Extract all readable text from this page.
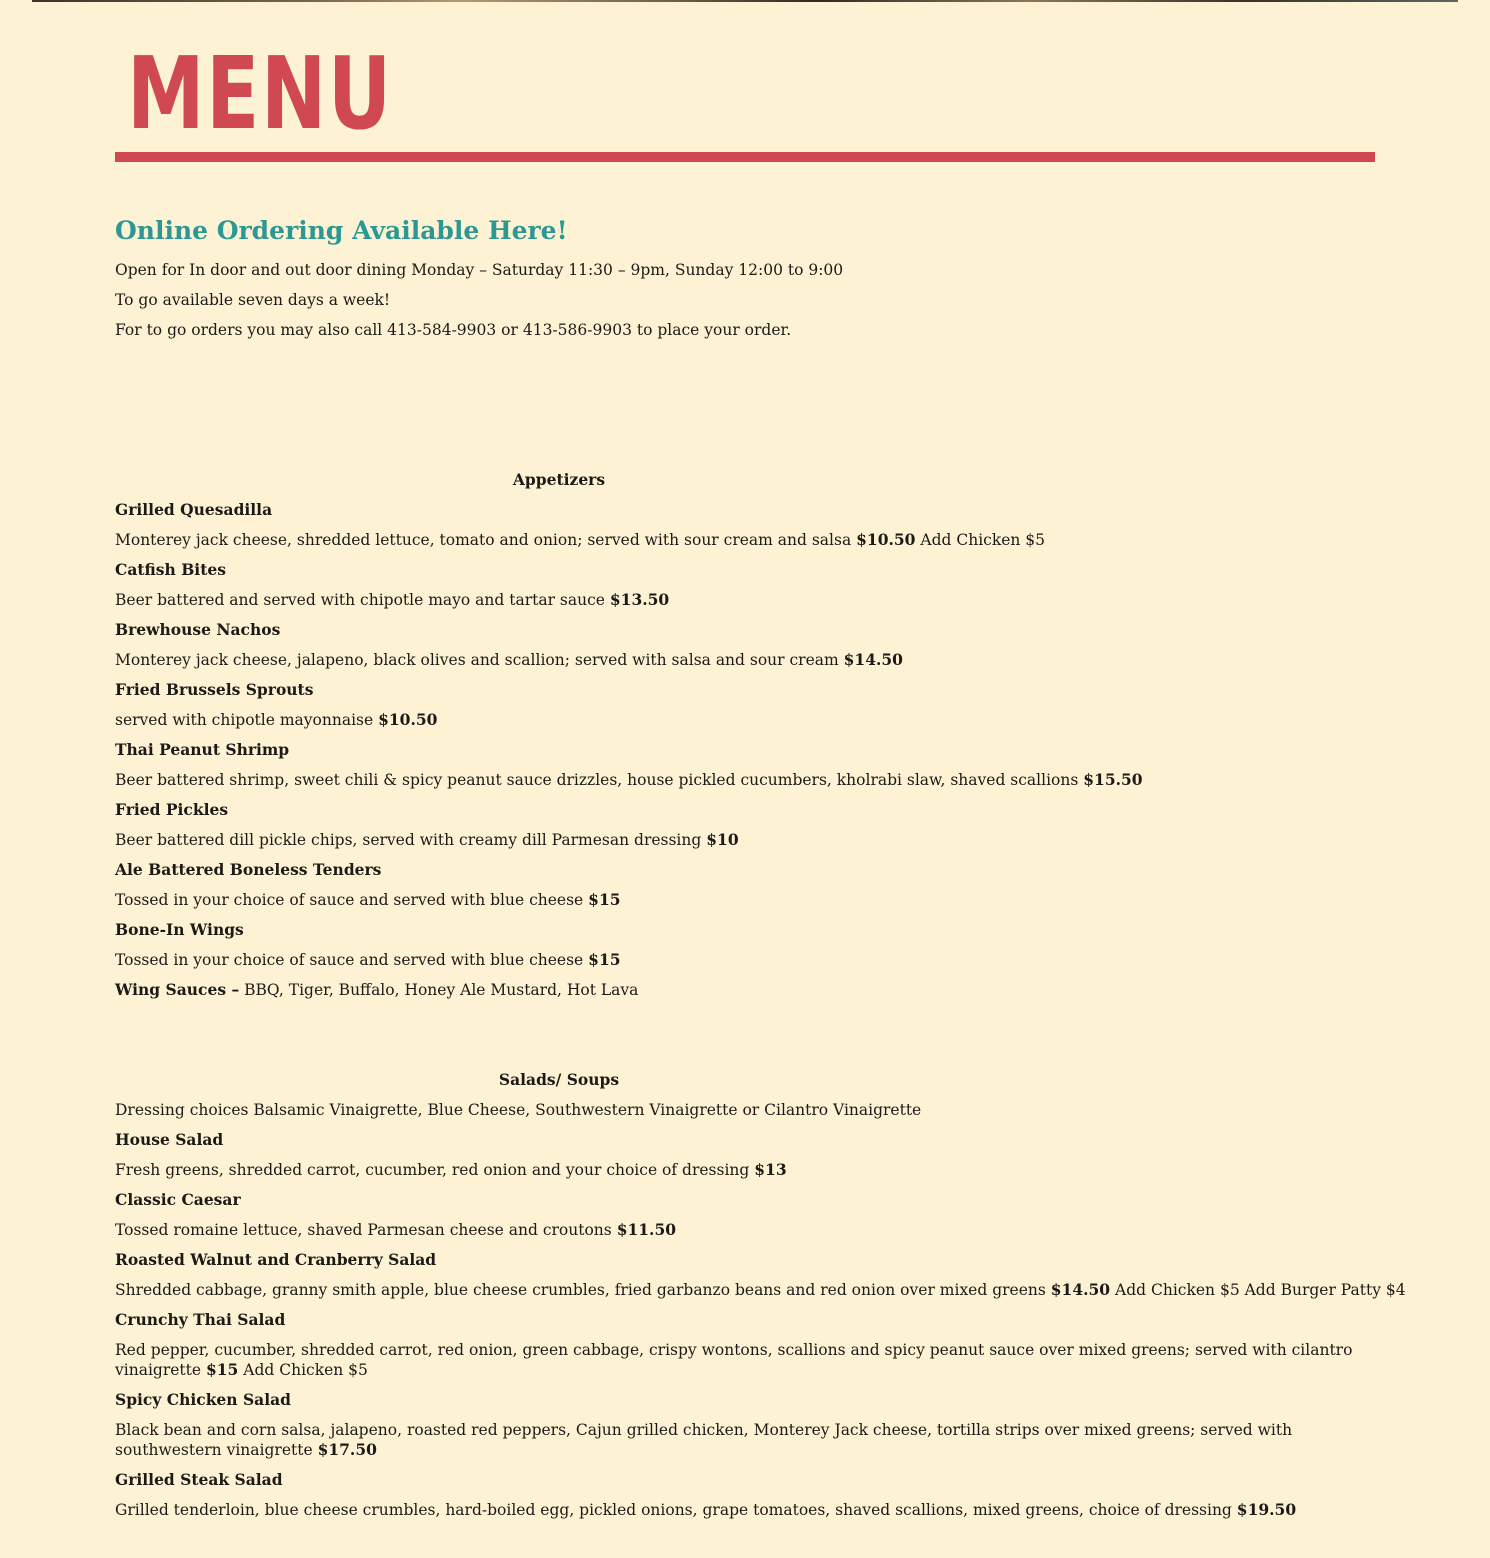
MENU
Online Ordering Available Here!

Open for In door and out door dining Monday – Saturday 11:30 – 9pm, Sunday 12:00 to 9:00

To go available seven days a week!

For to go orders you may also call 413-584-9903 or 413-586-9903 to place your order.

Appetizers

Grilled Quesadilla

Monterey jack cheese, shredded lettuce, tomato and onion; served with sour cream and salsa $10.50 Add Chicken $5

Catfish Bites

Beer battered and served with chipotle mayo and tartar sauce $13.50

Brewhouse Nachos

Monterey jack cheese, jalapeno, black olives and scallion; served with salsa and sour cream $14.50

Fried Brussels Sprouts

served with chipotle mayonnaise $10.50

Thai Peanut Shrimp

Beer battered shrimp, sweet chili & spicy peanut sauce drizzles, house pickled cucumbers, kholrabi slaw, shaved scallions $15.50

Fried Pickles

Beer battered dill pickle chips, served with creamy dill Parmesan dressing $10

Ale Battered Boneless Tenders

Tossed in your choice of sauce and served with blue cheese $15

Bone-In Wings

Tossed in your choice of sauce and served with blue cheese $15

Wing Sauces – BBQ, Tiger, Buffalo, Honey Ale Mustard, Hot Lava

Salads/ Soups

Dressing choices Balsamic Vinaigrette, Blue Cheese, Southwestern Vinaigrette or Cilantro Vinaigrette

House Salad

Fresh greens, shredded carrot, cucumber, red onion and your choice of dressing $13

Classic Caesar

Tossed romaine lettuce, shaved Parmesan cheese and croutons $11.50

Roasted Walnut and Cranberry Salad

Shredded cabbage, granny smith apple, blue cheese crumbles, fried garbanzo beans and red onion over mixed greens $14.50 Add Chicken $5 Add Burger Patty $4

Crunchy Thai Salad

Red pepper, cucumber, shredded carrot, red onion, green cabbage, crispy wontons, scallions and spicy peanut sauce over mixed greens; served with cilantro vinaigrette $15 Add Chicken $5

Spicy Chicken Salad

Black bean and corn salsa, jalapeno, roasted red peppers, Cajun grilled chicken, Monterey Jack cheese, tortilla strips over mixed greens; served with southwestern vinaigrette $17.50

Grilled Steak Salad

Grilled tenderloin, blue cheese crumbles, hard-boiled egg, pickled onions, grape tomatoes, shaved scallions, mixed greens, choice of dressing $19.50
